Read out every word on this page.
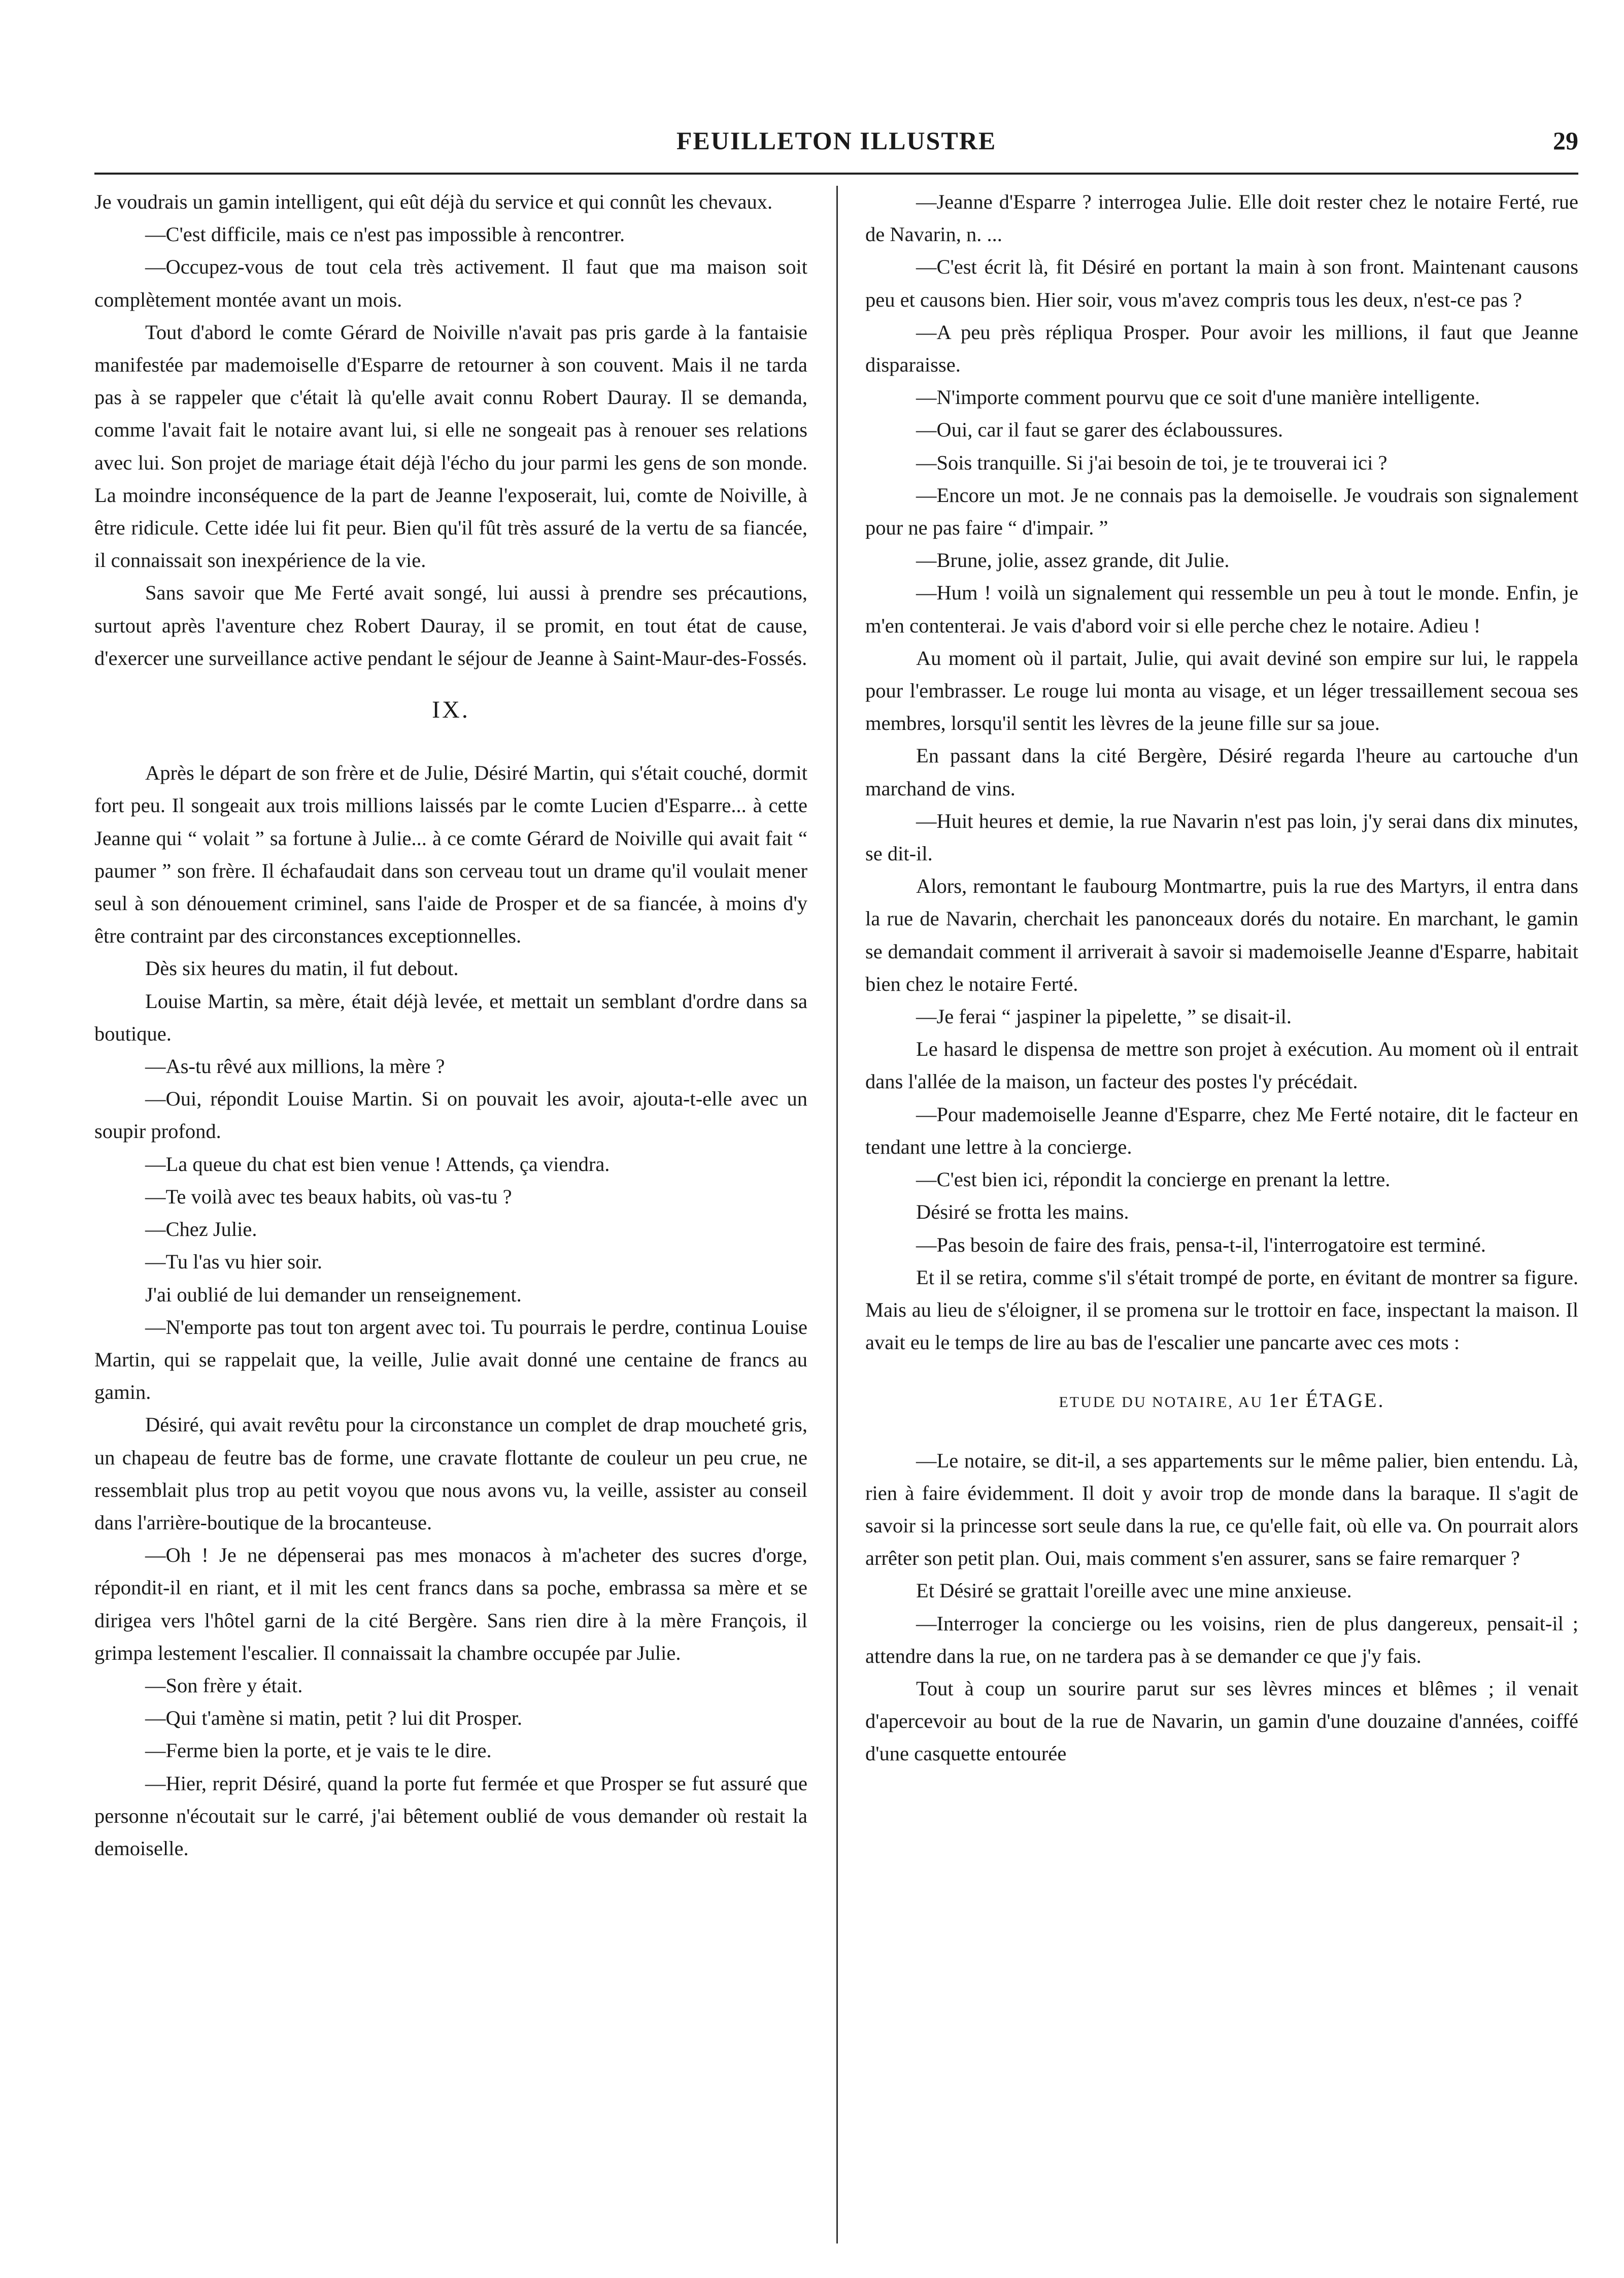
FEUILLETON ILLUSTRE	29

Je voudrais un gamin intelligent, qui eût déjà du service et qui connût les chevaux.

—C'est difficile, mais ce n'est pas impossible à rencontrer.

—Occupez-vous de tout cela très activement. Il faut que ma maison soit complètement montée avant un mois.

Tout d'abord le comte Gérard de Noiville n'avait pas pris garde à la fantaisie manifestée par mademoiselle d'Esparre de retourner à son couvent. Mais il ne tarda pas à se rappeler que c'était là qu'elle avait connu Robert Dauray. Il se demanda, comme l'avait fait le notaire avant lui, si elle ne songeait pas à renouer ses relations avec lui. Son projet de mariage était déjà l'écho du jour parmi les gens de son monde. La moindre inconséquence de la part de Jeanne l'exposerait, lui, comte de Noiville, à être ridicule. Cette idée lui fit peur. Bien qu'il fût très assuré de la vertu de sa fiancée, il connaissait son inexpérience de la vie.

Sans savoir que Me Ferté avait songé, lui aussi à prendre ses précautions, surtout après l'aventure chez Robert Dauray, il se promit, en tout état de cause, d'exercer une surveillance active pendant le séjour de Jeanne à Saint-Maur-des-Fossés.

IX.

Après le départ de son frère et de Julie, Désiré Martin, qui s'était couché, dormit fort peu. Il songeait aux trois millions laissés par le comte Lucien d'Esparre... à cette Jeanne qui “ volait ” sa fortune à Julie... à ce comte Gérard de Noiville qui avait fait “ paumer ” son frère. Il échafaudait dans son cerveau tout un drame qu'il voulait mener seul à son dénouement criminel, sans l'aide de Prosper et de sa fiancée, à moins d'y être contraint par des circonstances exceptionnelles.

Dès six heures du matin, il fut debout.

Louise Martin, sa mère, était déjà levée, et mettait un semblant d'ordre dans sa boutique.

—As-tu rêvé aux millions, la mère ?

—Oui, répondit Louise Martin. Si on pouvait les avoir, ajouta-t-elle avec un soupir profond.

—La queue du chat est bien venue ! Attends, ça viendra.

—Te voilà avec tes beaux habits, où vas-tu ?

—Chez Julie.

—Tu l'as vu hier soir.

J'ai oublié de lui demander un renseignement.

—N'emporte pas tout ton argent avec toi. Tu pourrais le perdre, continua Louise Martin, qui se rappelait que, la veille, Julie avait donné une centaine de francs au gamin.

Désiré, qui avait revêtu pour la circonstance un complet de drap moucheté gris, un chapeau de feutre bas de forme, une cravate flottante de couleur un peu crue, ne ressemblait plus trop au petit voyou que nous avons vu, la veille, assister au conseil dans l'arrière-boutique de la brocanteuse.

—Oh ! Je ne dépenserai pas mes monacos à m'acheter des sucres d'orge, répondit-il en riant, et il mit les cent francs dans sa poche, embrassa sa mère et se dirigea vers l'hôtel garni de la cité Bergère. Sans rien dire à la mère François, il grimpa lestement l'escalier. Il connaissait la chambre occupée par Julie.

—Son frère y était.

—Qui t'amène si matin, petit ? lui dit Prosper.

—Ferme bien la porte, et je vais te le dire.

—Hier, reprit Désiré, quand la porte fut fermée et que Prosper se fut assuré que personne n'écoutait sur le carré, j'ai bêtement oublié de vous demander où restait la demoiselle.

—Jeanne d'Esparre ? interrogea Julie. Elle doit rester chez le notaire Ferté, rue de Navarin, n. ...

—C'est écrit là, fit Désiré en portant la main à son front. Maintenant causons peu et causons bien. Hier soir, vous m'avez compris tous les deux, n'est-ce pas ?

—A peu près répliqua Prosper. Pour avoir les millions, il faut que Jeanne disparaisse.

—N'importe comment pourvu que ce soit d'une manière intelligente.

—Oui, car il faut se garer des éclaboussures.

—Sois tranquille. Si j'ai besoin de toi, je te trouverai ici ?

—Encore un mot. Je ne connais pas la demoiselle. Je voudrais son signalement pour ne pas faire “ d'impair. ”

—Brune, jolie, assez grande, dit Julie.

—Hum ! voilà un signalement qui ressemble un peu à tout le monde. Enfin, je m'en contenterai. Je vais d'abord voir si elle perche chez le notaire. Adieu !

Au moment où il partait, Julie, qui avait deviné son empire sur lui, le rappela pour l'embrasser. Le rouge lui monta au visage, et un léger tressaillement secoua ses membres, lorsqu'il sentit les lèvres de la jeune fille sur sa joue.

En passant dans la cité Bergère, Désiré regarda l'heure au cartouche d'un marchand de vins.

—Huit heures et demie, la rue Navarin n'est pas loin, j'y serai dans dix minutes, se dit-il.

Alors, remontant le faubourg Montmartre, puis la rue des Martyrs, il entra dans la rue de Navarin, cherchait les panonceaux dorés du notaire. En marchant, le gamin se demandait comment il arriverait à savoir si mademoiselle Jeanne d'Esparre, habitait bien chez le notaire Ferté.

—Je ferai “ jaspiner la pipelette, ” se disait-il.

Le hasard le dispensa de mettre son projet à exécution. Au moment où il entrait dans l'allée de la maison, un facteur des postes l'y précédait.

—Pour mademoiselle Jeanne d'Esparre, chez Me Ferté notaire, dit le facteur en tendant une lettre à la concierge.

—C'est bien ici, répondit la concierge en prenant la lettre.

Désiré se frotta les mains.

—Pas besoin de faire des frais, pensa-t-il, l'interrogatoire est terminé.

Et il se retira, comme s'il s'était trompé de porte, en évitant de montrer sa figure. Mais au lieu de s'éloigner, il se promena sur le trottoir en face, inspectant la maison. Il avait eu le temps de lire au bas de l'escalier une pancarte avec ces mots :

ETUDE DU NOTAIRE, AU 1er ÉTAGE.

—Le notaire, se dit-il, a ses appartements sur le même palier, bien entendu. Là, rien à faire évidemment. Il doit y avoir trop de monde dans la baraque. Il s'agit de savoir si la princesse sort seule dans la rue, ce qu'elle fait, où elle va. On pourrait alors arrêter son petit plan. Oui, mais comment s'en assurer, sans se faire remarquer ?

Et Désiré se grattait l'oreille avec une mine anxieuse.

—Interroger la concierge ou les voisins, rien de plus dangereux, pensait-il ; attendre dans la rue, on ne tardera pas à se demander ce que j'y fais.

Tout à coup un sourire parut sur ses lèvres minces et blêmes ; il venait d'apercevoir au bout de la rue de Navarin, un gamin d'une douzaine d'années, coiffé d'une casquette entourée
